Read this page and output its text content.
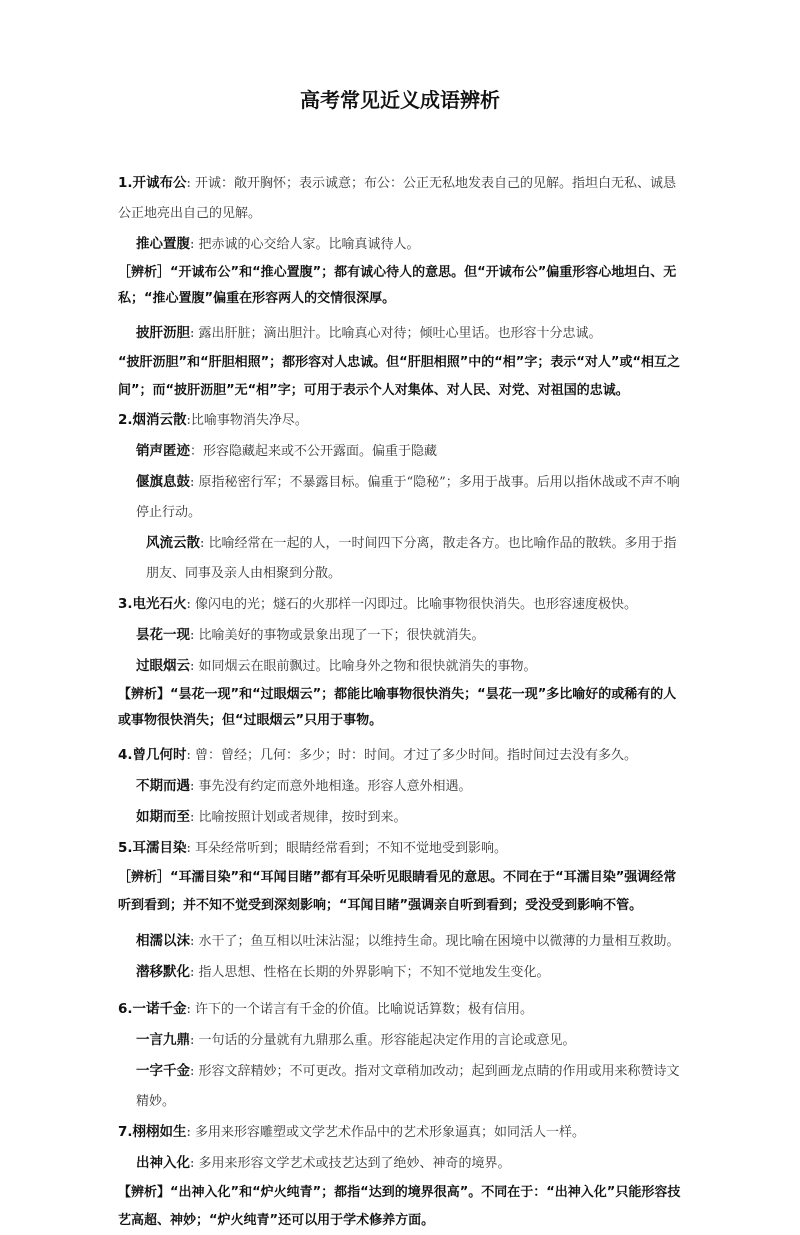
高考常见近义成语辨析
1.开诚布公: 开诚：敞开胸怀；表示诚意；布公：公正无私地发表自己的见解。指坦白无私、诚恳公正地亮出自己的见解。
推心置腹: 把赤诚的心交给人家。比喻真诚待人。
［辨析］“开诚布公”和“推心置腹”；都有诚心待人的意思。但“开诚布公”偏重形容心地坦白、无私；“推心置腹”偏重在形容两人的交情很深厚。
披肝沥胆: 露出肝脏；滴出胆汁。比喻真心对待；倾吐心里话。也形容十分忠诚。
“披肝沥胆”和“肝胆相照”；都形容对人忠诚。但“肝胆相照”中的“相”字；表示“对人”或“相互之间”；而“披肝沥胆”无“相”字；可用于表示个人对集体、对人民、对党、对祖国的忠诚。
2.烟消云散:比喻事物消失净尽。
销声匿迹：形容隐藏起来或不公开露面。偏重于隐藏
偃旗息鼓: 原指秘密行军；不暴露目标。偏重于“隐秘”；多用于战事。后用以指休战或不声不响停止行动。
风流云散: 比喻经常在一起的人，一时间四下分离，散走各方。也比喻作品的散轶。多用于指朋友、同事及亲人由相聚到分散。
3.电光石火: 像闪电的光；燧石的火那样一闪即过。比喻事物很快消失。也形容速度极快。
昙花一现: 比喻美好的事物或景象出现了一下；很快就消失。
过眼烟云: 如同烟云在眼前飘过。比喻身外之物和很快就消失的事物。
【辨析】“昙花一现”和“过眼烟云”；都能比喻事物很快消失；“昙花一现”多比喻好的或稀有的人或事物很快消失；但“过眼烟云”只用于事物。
4.曾几何时: 曾：曾经；几何：多少；时：时间。才过了多少时间。指时间过去没有多久。
不期而遇: 事先没有约定而意外地相逢。形容人意外相遇。
如期而至: 比喻按照计划或者规律，按时到来。
5.耳濡目染: 耳朵经常听到；眼睛经常看到；不知不觉地受到影响。
［辨析］“耳濡目染”和“耳闻目睹”都有耳朵听见眼睛看见的意思。不同在于“耳濡目染”强调经常听到看到；并不知不觉受到深刻影响；“耳闻目睹”强调亲自听到看到；受没受到影响不管。
相濡以沫: 水干了；鱼互相以吐沫沾湿；以维持生命。现比喻在困境中以微薄的力量相互救助。
潜移默化: 指人思想、性格在长期的外界影响下；不知不觉地发生变化。
6.一诺千金: 许下的一个诺言有千金的价值。比喻说话算数；极有信用。
一言九鼎: 一句话的分量就有九鼎那么重。形容能起决定作用的言论或意见。
一字千金: 形容文辞精妙；不可更改。指对文章稍加改动；起到画龙点睛的作用或用来称赞诗文精妙。
7.栩栩如生: 多用来形容雕塑或文学艺术作品中的艺术形象逼真；如同活人一样。
出神入化: 多用来形容文学艺术或技艺达到了绝妙、神奇的境界。
【辨析】“出神入化”和“炉火纯青”；都指“达到的境界很高”。不同在于：“出神入化”只能形容技艺高超、神妙；“炉火纯青”还可以用于学术修养方面。
